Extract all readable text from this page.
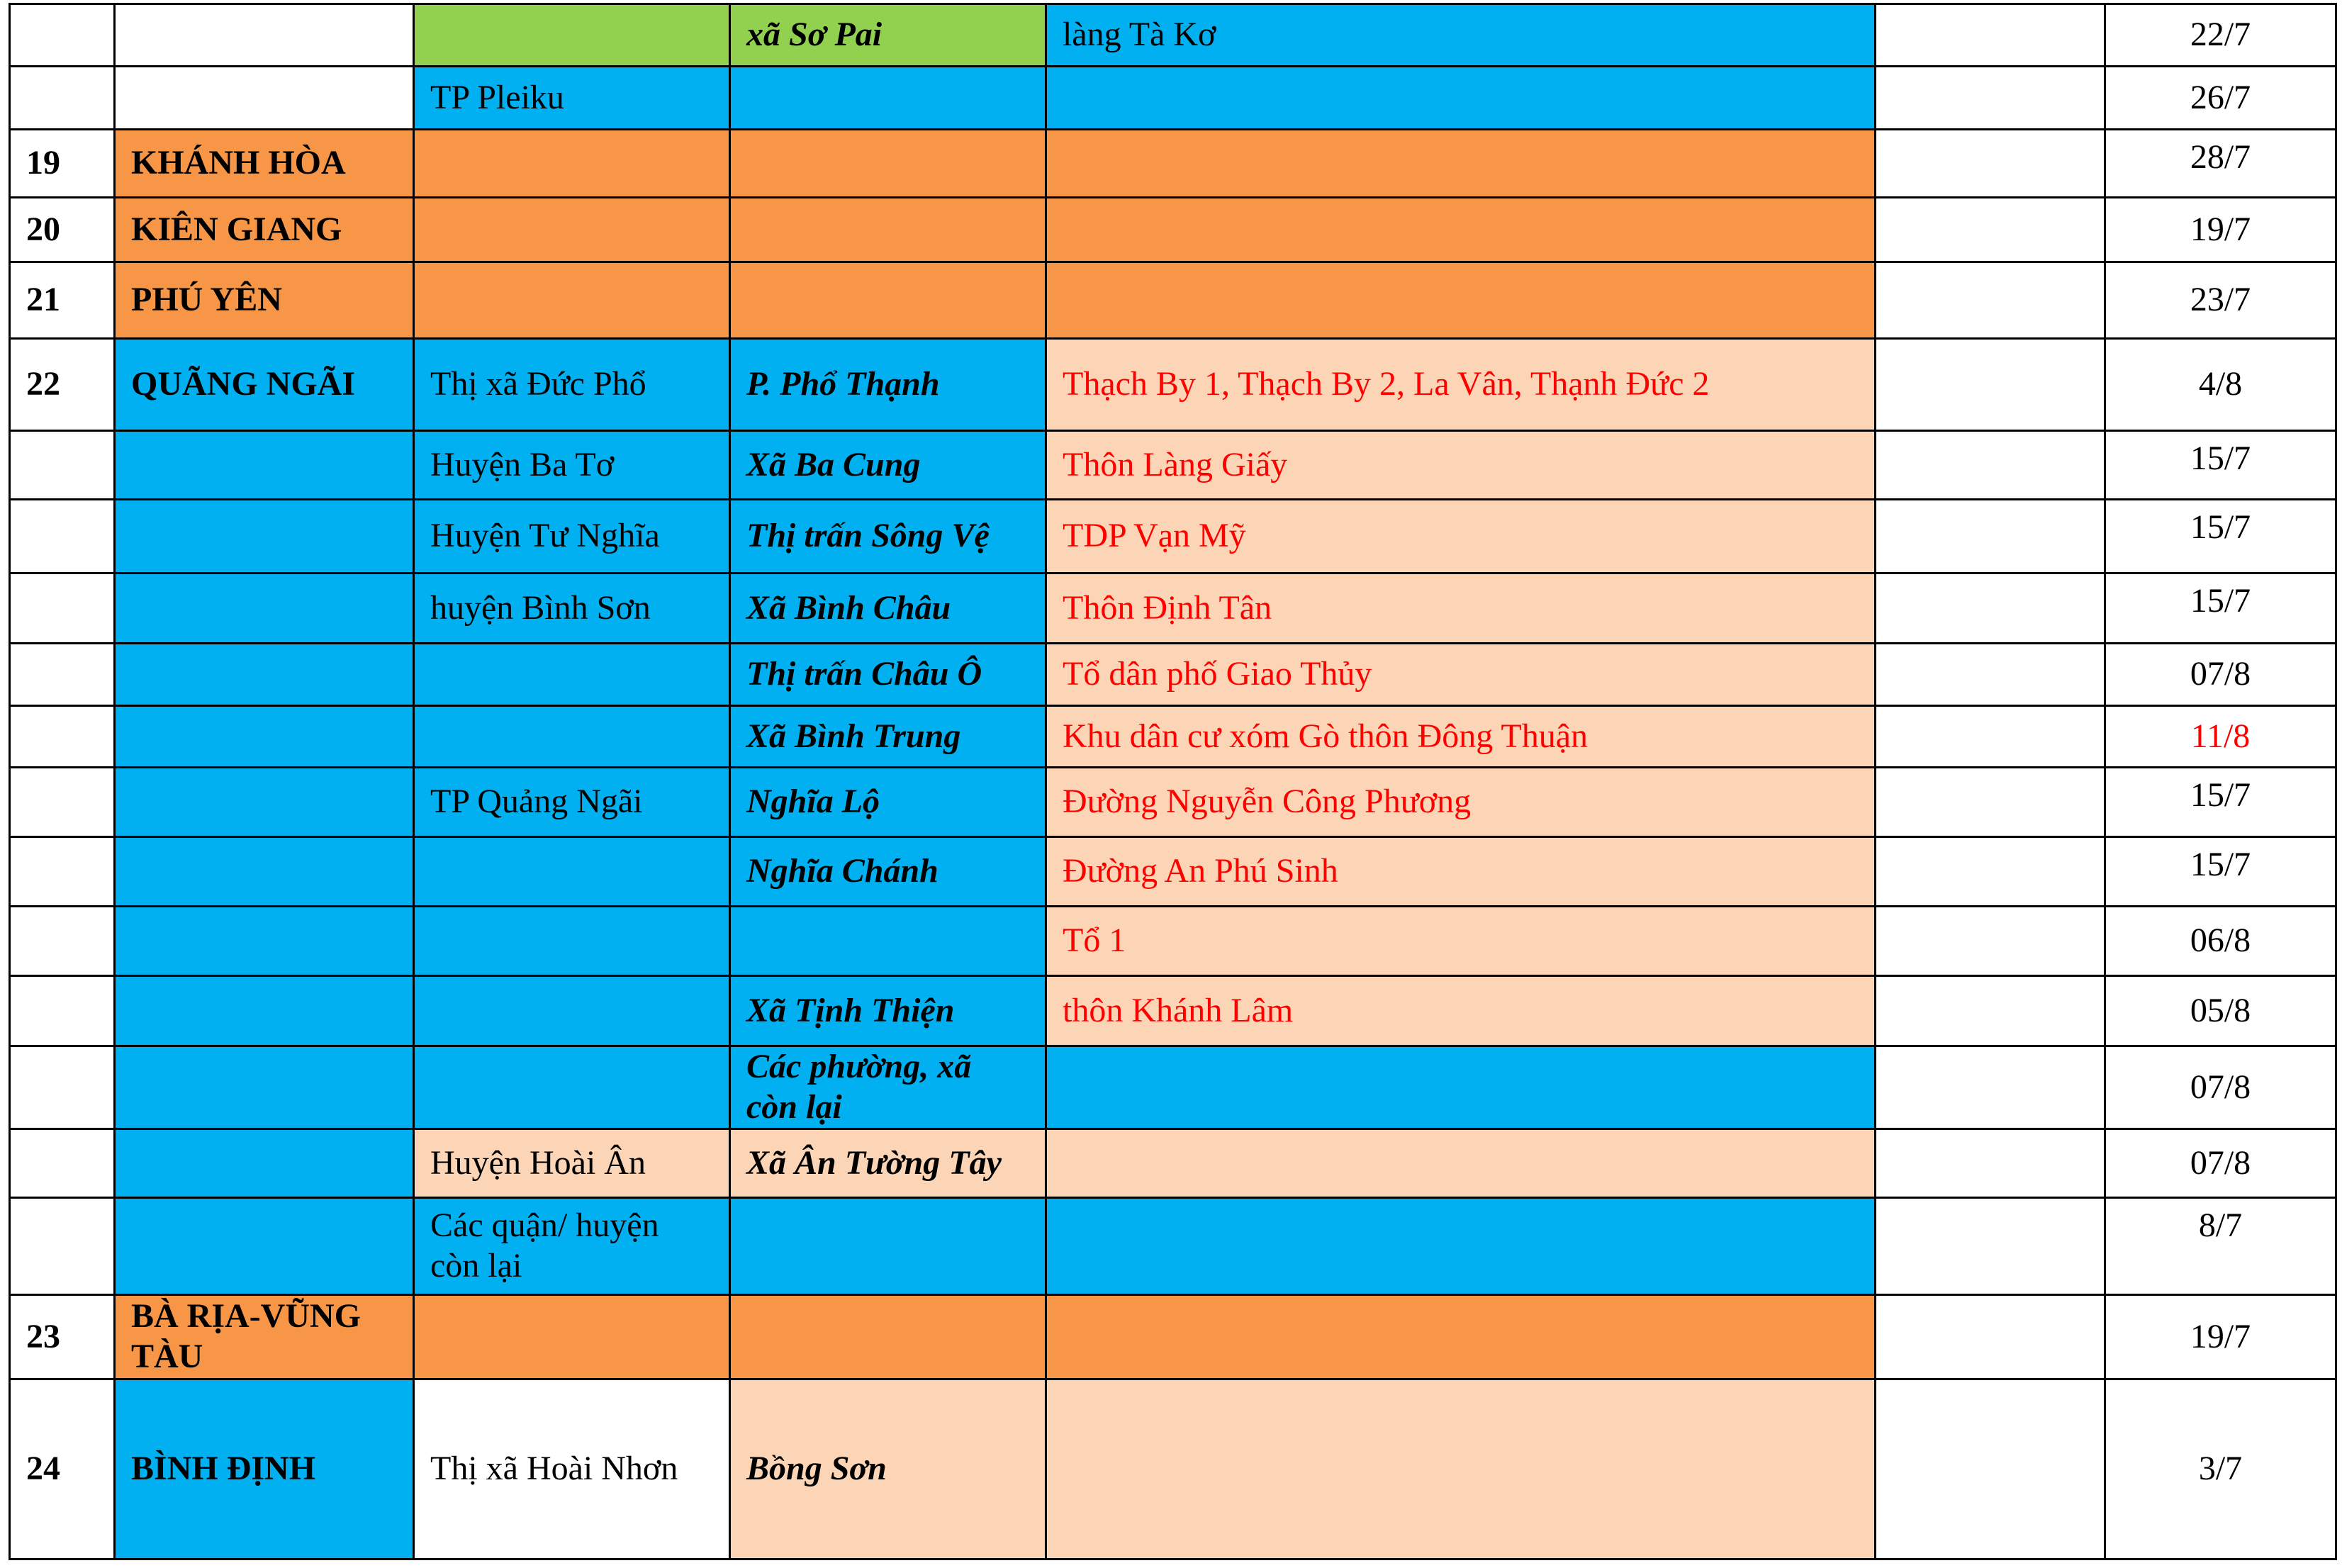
			xã Sơ Pai	làng Tà Kơ		22/7
		TP Pleiku				26/7
19	KHÁNH HÒA					28/7
20	KIÊN GIANG					19/7
21	PHÚ YÊN					23/7
22	QUÃNG NGÃI	Thị xã Đức Phổ	P. Phổ Thạnh	Thạch By 1, Thạch By 2, La Vân, Thạnh Đức 2		4/8
		Huyện Ba Tơ	Xã Ba Cung	Thôn Làng Giấy		15/7
		Huyện Tư Nghĩa	Thị trấn Sông Vệ	TDP Vạn Mỹ		15/7
		huyện Bình Sơn	Xã Bình Châu	Thôn Định Tân		15/7
			Thị trấn Châu Ô	Tổ dân phố Giao Thủy		07/8
			Xã Bình Trung	Khu dân cư xóm Gò thôn Đông Thuận		11/8
		TP Quảng Ngãi	Nghĩa Lộ	Đường Nguyễn Công Phương		15/7
			Nghĩa Chánh	Đường An Phú Sinh		15/7
				Tổ 1		06/8
			Xã Tịnh Thiện	thôn Khánh Lâm		05/8
			Các phường, xã còn lại			07/8
		Huyện Hoài Ân	Xã Ân Tường Tây			07/8
		Các quận/ huyện còn lại				8/7
23	BÀ RỊA-VŨNG TÀU					19/7
24	BÌNH ĐỊNH	Thị xã Hoài Nhơn	Bồng Sơn			3/7
